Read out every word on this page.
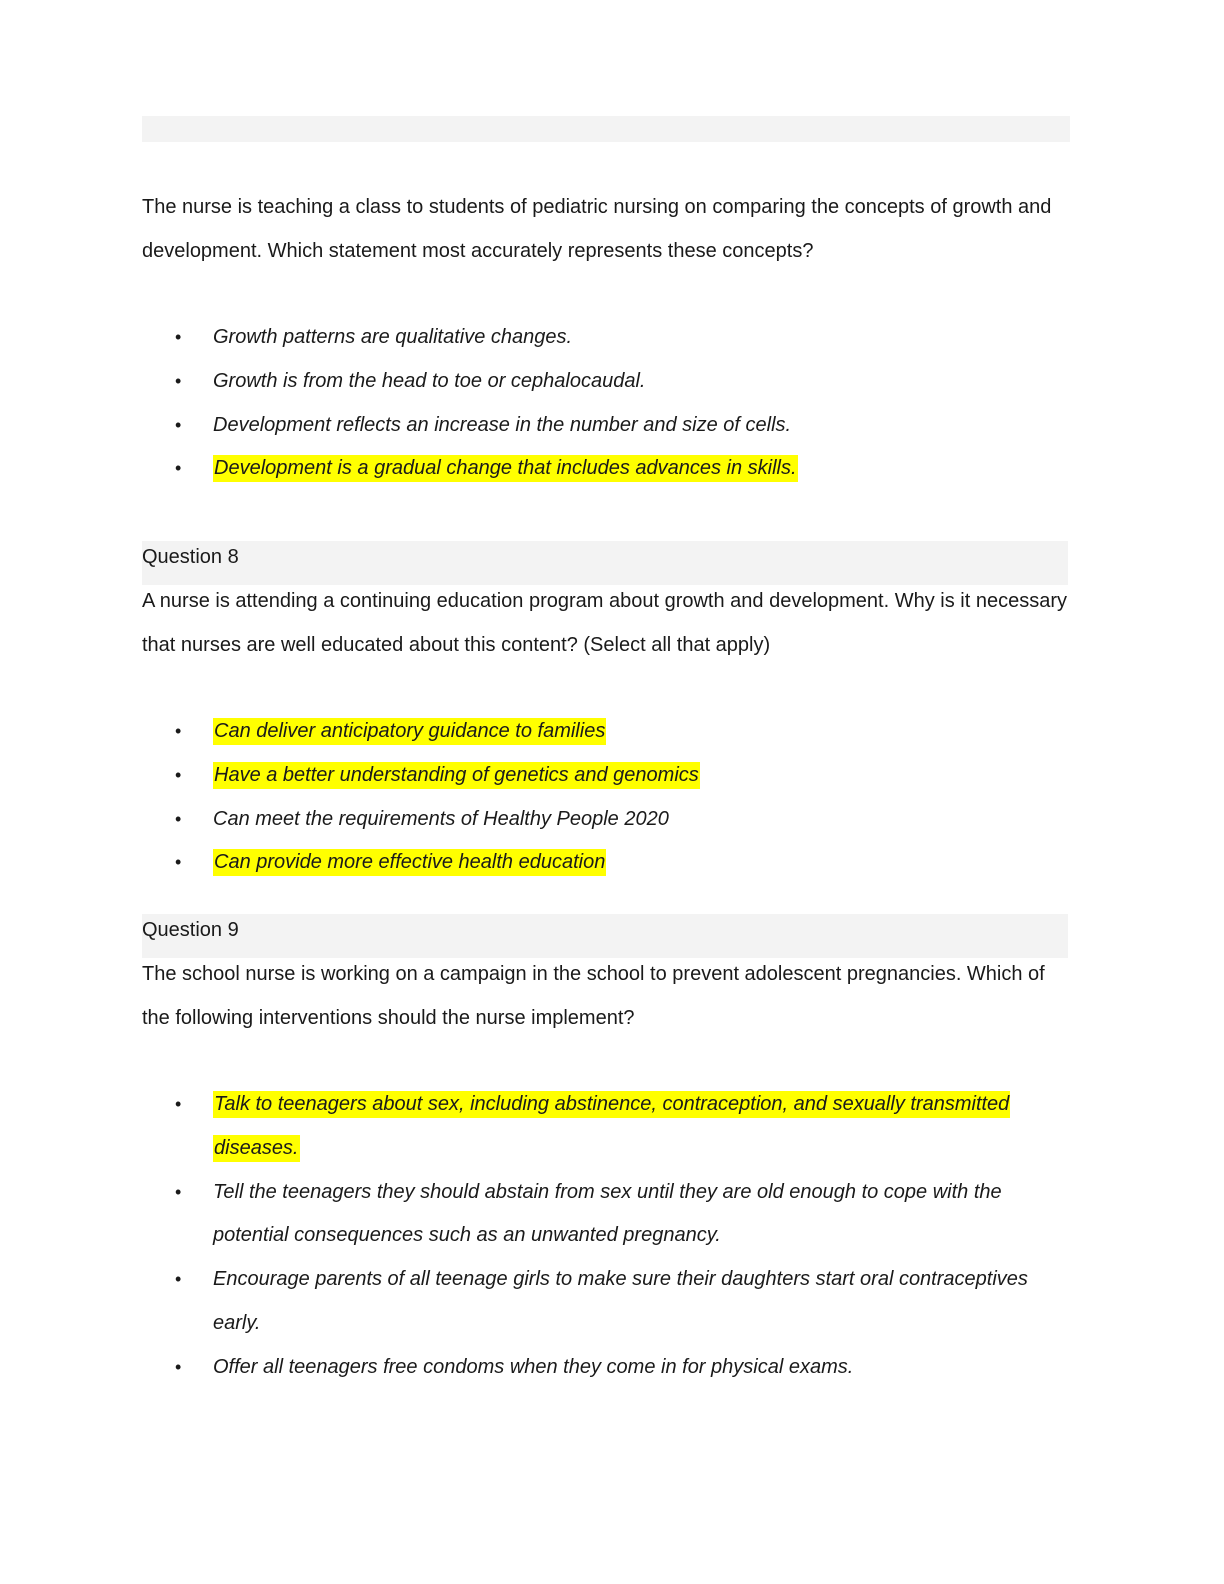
The nurse is teaching a class to students of pediatric nursing on comparing the concepts of growth and development. Which statement most accurately represents these concepts?

• Growth patterns are qualitative changes.
• Growth is from the head to toe or cephalocaudal.
• Development reflects an increase in the number and size of cells.
• Development is a gradual change that includes advances in skills.
Question 8

A nurse is attending a continuing education program about growth and development. Why is it necessary that nurses are well educated about this content? (Select all that apply)

• Can deliver anticipatory guidance to families
• Have a better understanding of genetics and genomics
• Can meet the requirements of Healthy People 2020
• Can provide more effective health education
Question 9

The school nurse is working on a campaign in the school to prevent adolescent pregnancies. Which of the following interventions should the nurse implement?

• Talk to teenagers about sex, including abstinence, contraception, and sexually transmitted diseases.
• Tell the teenagers they should abstain from sex until they are old enough to cope with the potential consequences such as an unwanted pregnancy.
• Encourage parents of all teenage girls to make sure their daughters start oral contraceptives early.
• Offer all teenagers free condoms when they come in for physical exams.
